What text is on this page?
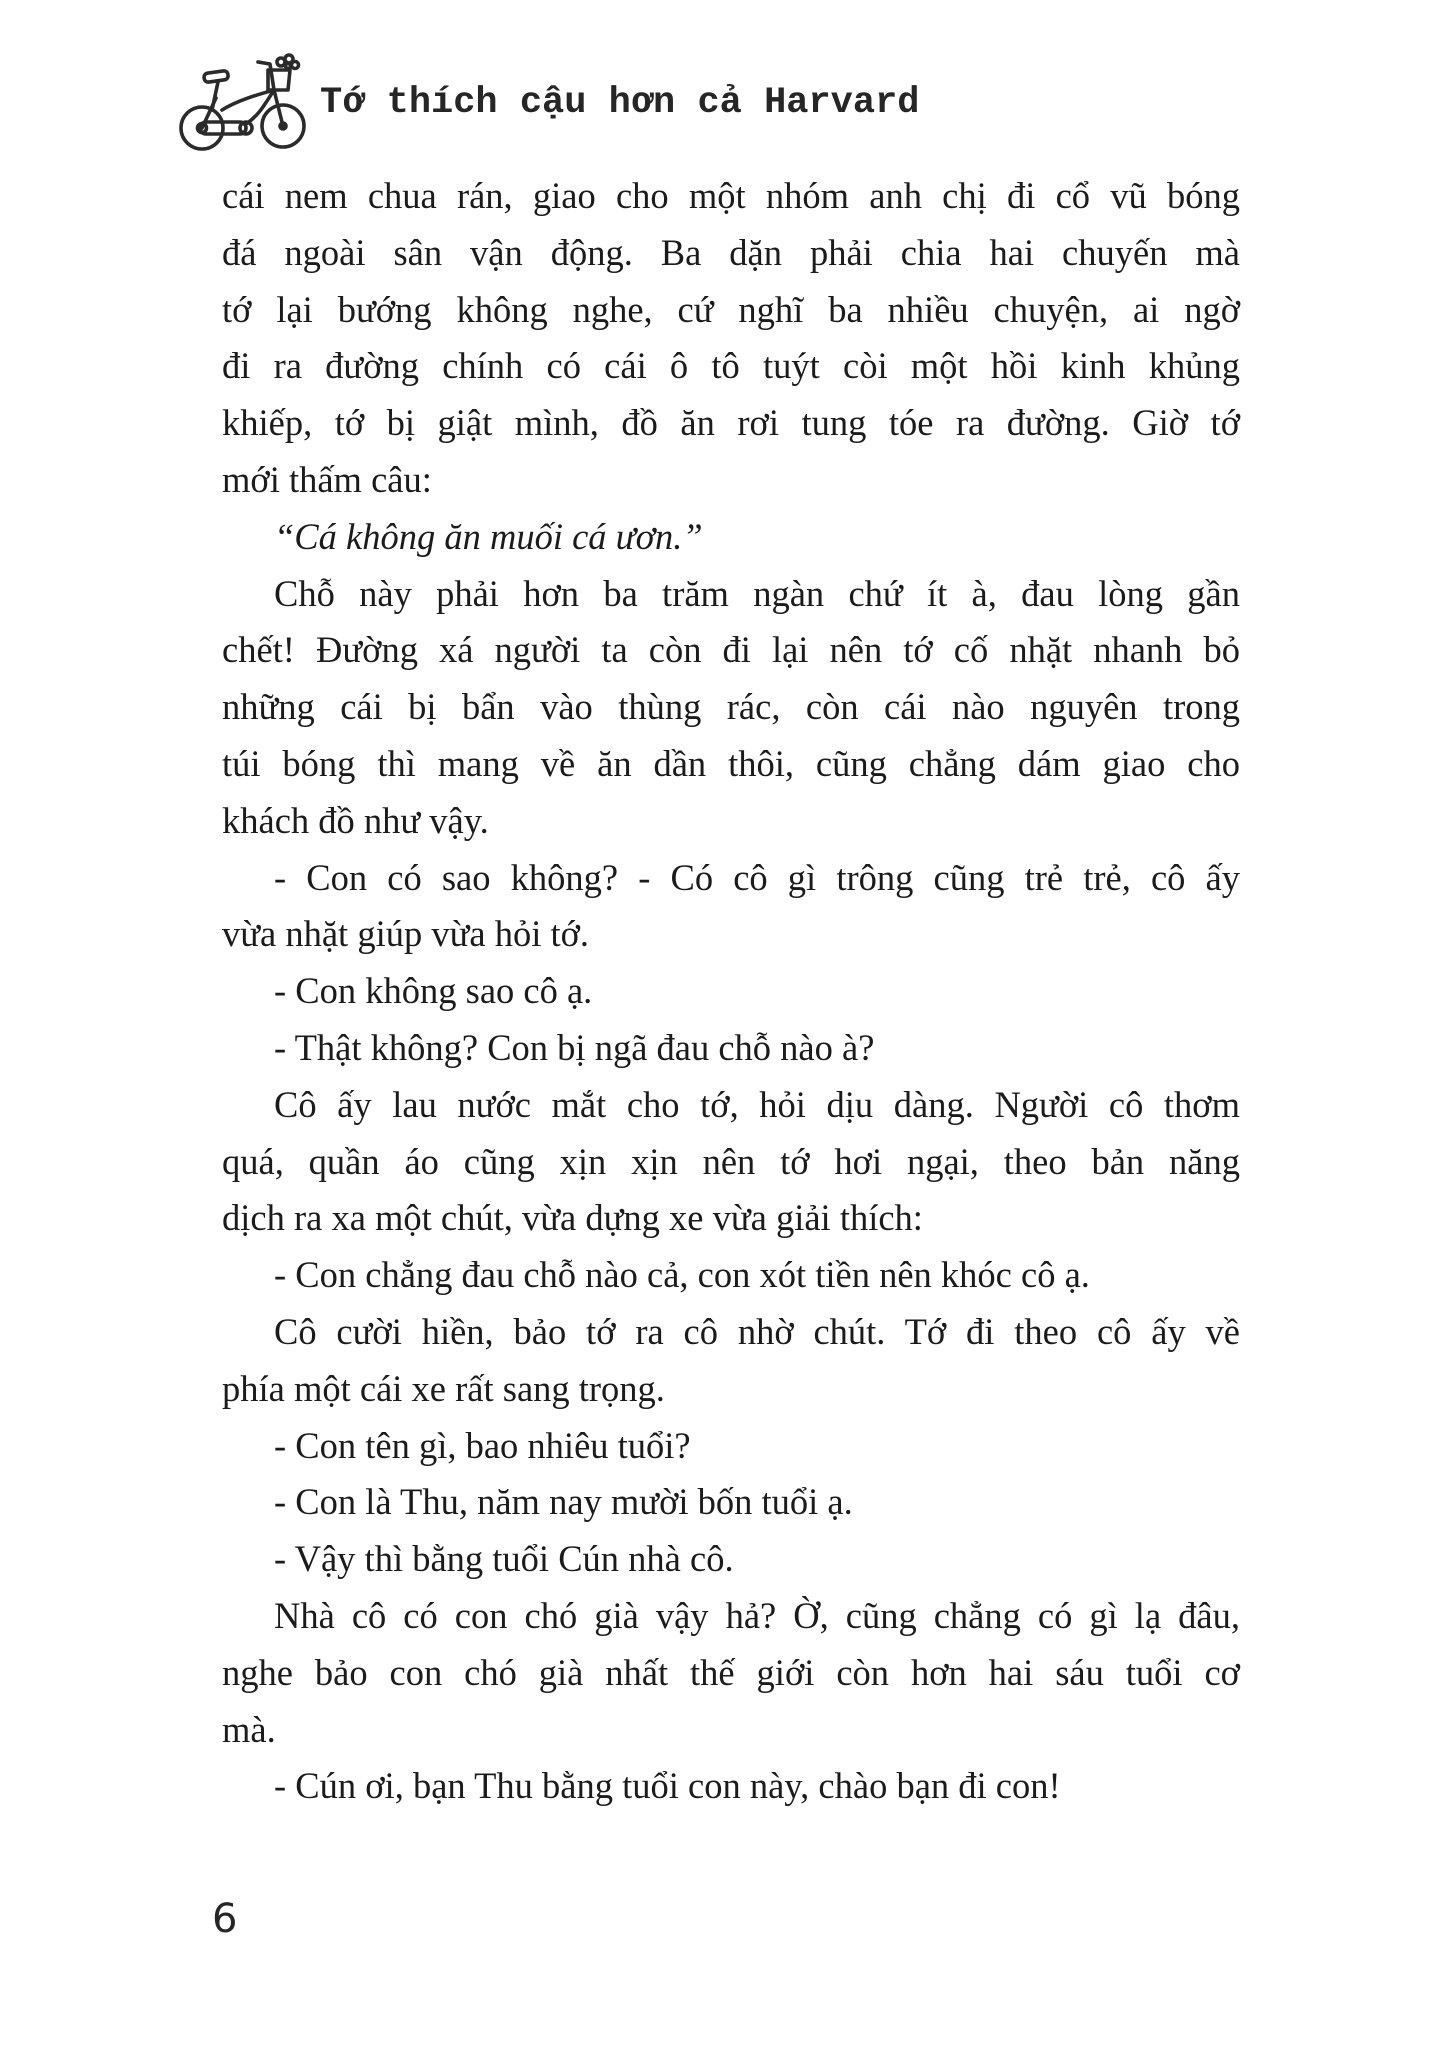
Tớ thích cậu hơn cả Harvard
cái nem chua rán, giao cho một nhóm anh chị đi cổ vũ bóng
đá ngoài sân vận động. Ba dặn phải chia hai chuyến mà
tớ lại bướng không nghe, cứ nghĩ ba nhiều chuyện, ai ngờ
đi ra đường chính có cái ô tô tuýt còi một hồi kinh khủng
khiếp, tớ bị giật mình, đồ ăn rơi tung tóe ra đường. Giờ tớ
mới thấm câu:
“Cá không ăn muối cá ươn.”
Chỗ này phải hơn ba trăm ngàn chứ ít à, đau lòng gần
chết! Đường xá người ta còn đi lại nên tớ cố nhặt nhanh bỏ
những cái bị bẩn vào thùng rác, còn cái nào nguyên trong
túi bóng thì mang về ăn dần thôi, cũng chẳng dám giao cho
khách đồ như vậy.
- Con có sao không? - Có cô gì trông cũng trẻ trẻ, cô ấy
vừa nhặt giúp vừa hỏi tớ.
- Con không sao cô ạ.
- Thật không? Con bị ngã đau chỗ nào à?
Cô ấy lau nước mắt cho tớ, hỏi dịu dàng. Người cô thơm
quá, quần áo cũng xịn xịn nên tớ hơi ngại, theo bản năng
dịch ra xa một chút, vừa dựng xe vừa giải thích:
- Con chẳng đau chỗ nào cả, con xót tiền nên khóc cô ạ.
Cô cười hiền, bảo tớ ra cô nhờ chút. Tớ đi theo cô ấy về
phía một cái xe rất sang trọng.
- Con tên gì, bao nhiêu tuổi?
- Con là Thu, năm nay mười bốn tuổi ạ.
- Vậy thì bằng tuổi Cún nhà cô.
Nhà cô có con chó già vậy hả? Ờ, cũng chẳng có gì lạ đâu,
nghe bảo con chó già nhất thế giới còn hơn hai sáu tuổi cơ
mà.
- Cún ơi, bạn Thu bằng tuổi con này, chào bạn đi con!
6
